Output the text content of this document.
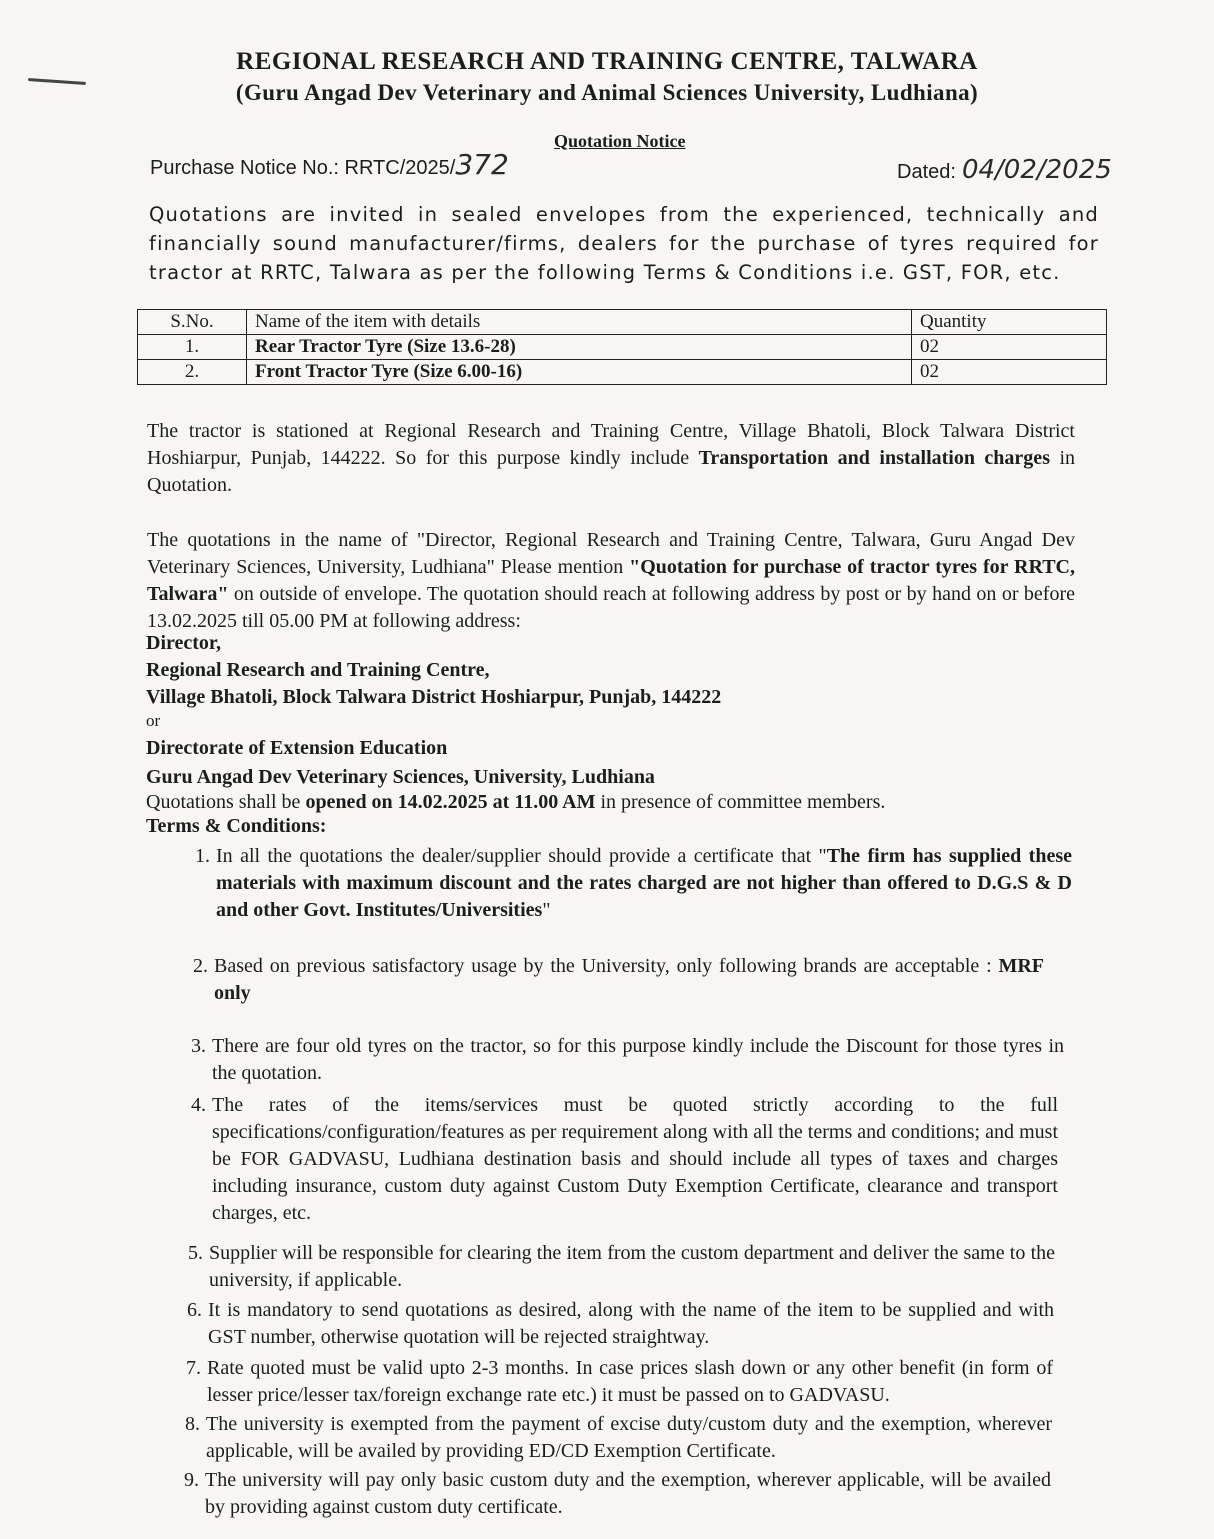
REGIONAL RESEARCH AND TRAINING CENTRE, TALWARA
(Guru Angad Dev Veterinary and Animal Sciences University, Ludhiana)
Quotation Notice
Purchase Notice No.: RRTC/2025/372	Dated: 04/02/2025
Quotations are invited in sealed envelopes from the experienced, technically and financially sound manufacturer/firms, dealers for the purchase of tyres required for tractor at RRTC, Talwara as per the following Terms & Conditions i.e. GST, FOR, etc.
S.No.	Name of the item with details	Quantity
1.	Rear Tractor Tyre (Size 13.6-28)	02
2.	Front Tractor Tyre (Size 6.00-16)	02
The tractor is stationed at Regional Research and Training Centre, Village Bhatoli, Block Talwara District Hoshiarpur, Punjab, 144222. So for this purpose kindly include Transportation and installation charges in Quotation.
The quotations in the name of "Director, Regional Research and Training Centre, Talwara, Guru Angad Dev Veterinary Sciences, University, Ludhiana" Please mention "Quotation for purchase of tractor tyres for RRTC, Talwara" on outside of envelope. The quotation should reach at following address by post or by hand on or before 13.02.2025 till 05.00 PM at following address:
Director,
Regional Research and Training Centre,
Village Bhatoli, Block Talwara District Hoshiarpur, Punjab, 144222
or
Directorate of Extension Education
Guru Angad Dev Veterinary Sciences, University, Ludhiana
Quotations shall be opened on 14.02.2025 at 11.00 AM in presence of committee members.
Terms & Conditions:
1. In all the quotations the dealer/supplier should provide a certificate that "The firm has supplied these materials with maximum discount and the rates charged are not higher than offered to D.G.S & D and other Govt. Institutes/Universities"
2. Based on previous satisfactory usage by the University, only following brands are acceptable : MRF only
3. There are four old tyres on the tractor, so for this purpose kindly include the Discount for those tyres in the quotation.
4. The rates of the items/services must be quoted strictly according to the full specifications/configuration/features as per requirement along with all the terms and conditions; and must be FOR GADVASU, Ludhiana destination basis and should include all types of taxes and charges including insurance, custom duty against Custom Duty Exemption Certificate, clearance and transport charges, etc.
5. Supplier will be responsible for clearing the item from the custom department and deliver the same to the university, if applicable.
6. It is mandatory to send quotations as desired, along with the name of the item to be supplied and with GST number, otherwise quotation will be rejected straightway.
7. Rate quoted must be valid upto 2-3 months. In case prices slash down or any other benefit (in form of lesser price/lesser tax/foreign exchange rate etc.) it must be passed on to GADVASU.
8. The university is exempted from the payment of excise duty/custom duty and the exemption, wherever applicable, will be availed by providing ED/CD Exemption Certificate.
9. The university will pay only basic custom duty and the exemption, wherever applicable, will be availed by providing against custom duty certificate.
